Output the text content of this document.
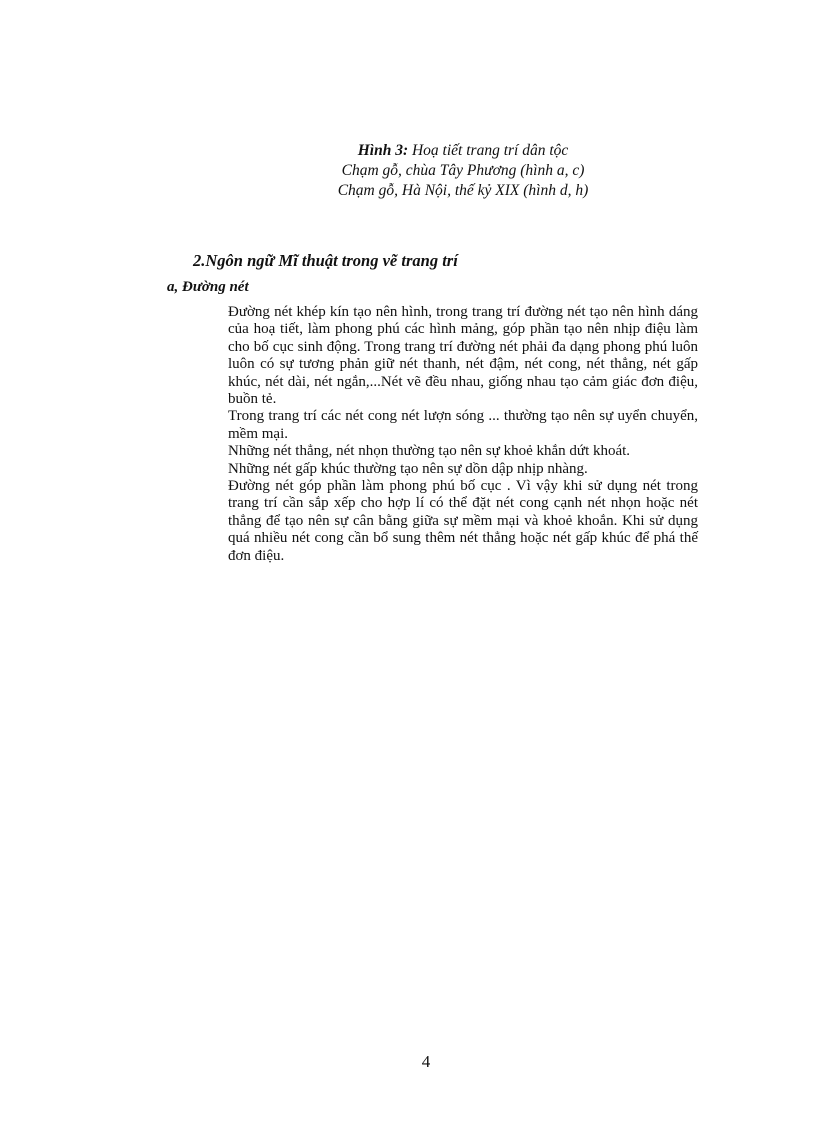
Hình 3: Hoạ tiết trang trí dân tộc
Chạm gỗ, chùa Tây Phương (hình a, c)
Chạm gỗ, Hà Nội, thế kỷ XIX (hình d, h)
2.Ngôn ngữ Mĩ thuật trong vẽ trang trí
a, Đường nét

Đường nét khép kín tạo nên hình, trong trang trí đường nét tạo nên hình dáng của hoạ tiết, làm phong phú các hình mảng, góp phần tạo nên nhịp điệu làm cho bố cục sinh động. Trong trang trí đường nét phải đa dạng phong phú luôn luôn có sự tương phản giữ nét thanh, nét đậm, nét cong, nét thẳng, nét gấp khúc, nét dài, nét ngắn,...Nét vẽ đều nhau, giống nhau tạo cảm giác đơn điệu, buồn tẻ.

Trong trang trí các nét cong nét lượn sóng ... thường tạo nên sự uyển chuyển, mềm mại.

Những nét thẳng, nét nhọn thường tạo nên sự khoẻ khắn dứt khoát.

Những nét gấp khúc thường tạo nên sự dồn dập nhịp nhàng.

Đường nét góp phần làm phong phú bố cục . Vì vậy khi sử dụng nét trong trang trí cần sắp xếp cho hợp lí có thể đặt nét cong cạnh nét nhọn hoặc nét thẳng để tạo nên sự cân bằng giữa sự mềm mại và khoẻ khoắn. Khi sử dụng quá nhiều nét cong cần bổ sung thêm nét thẳng hoặc nét gấp khúc để phá thế đơn điệu.

4
